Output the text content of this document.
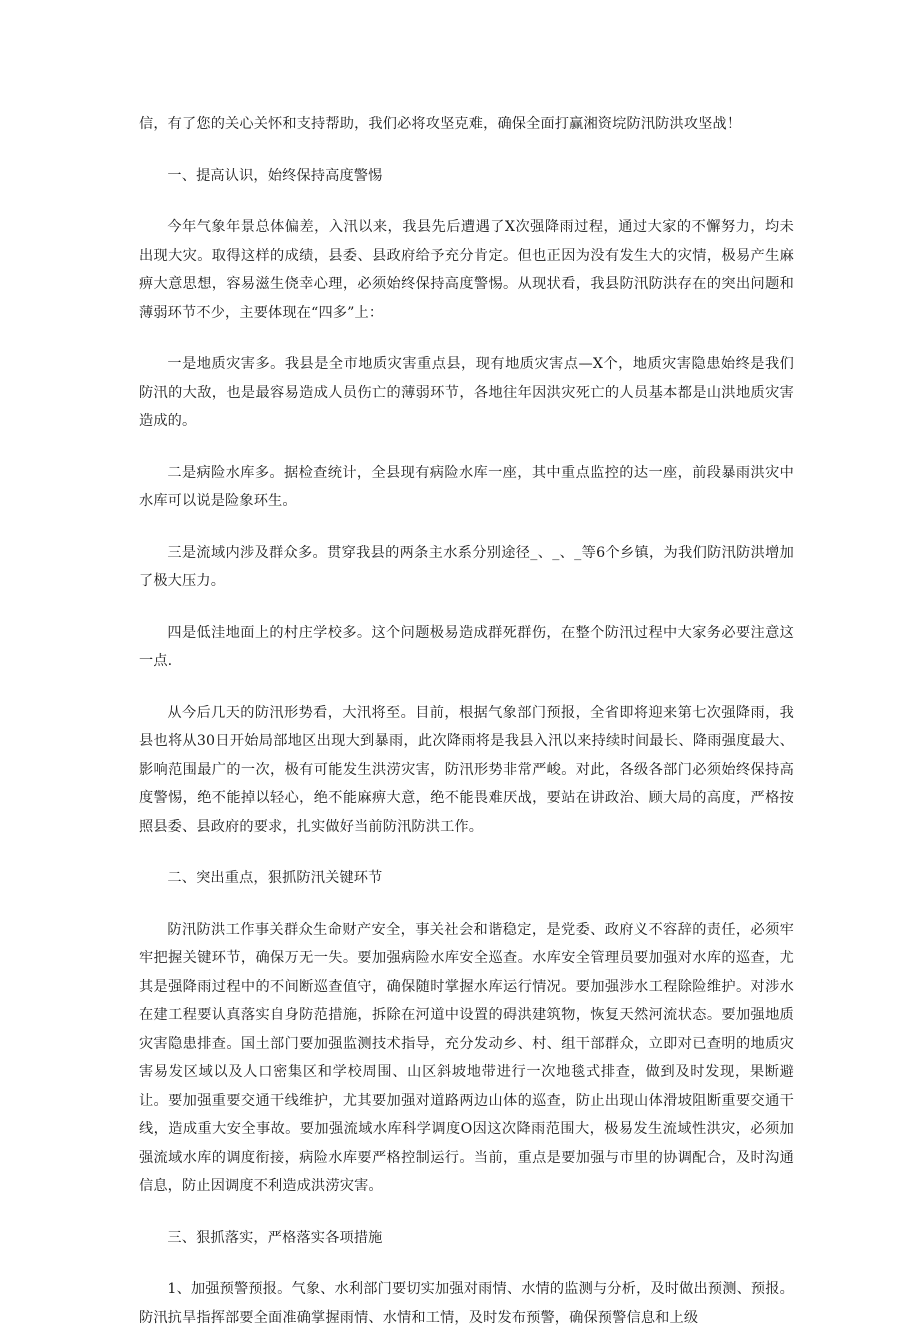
信，有了您的关心关怀和支持帮助，我们必将攻坚克难，确保全面打赢湘资垸防汛防洪攻坚战！

一、提高认识，始终保持高度警惕

今年气象年景总体偏差，入汛以来，我县先后遭遇了X次强降雨过程，通过大家的不懈努力，均未出现大灾。取得这样的成绩，县委、县政府给予充分肯定。但也正因为没有发生大的灾情，极易产生麻痹大意思想，容易滋生侥幸心理，必须始终保持高度警惕。从现状看，我县防汛防洪存在的突出问题和薄弱环节不少，主要体现在“四多”上：

一是地质灾害多。我县是全市地质灾害重点县，现有地质灾害点—X个，地质灾害隐患始终是我们防汛的大敌，也是最容易造成人员伤亡的薄弱环节，各地往年因洪灾死亡的人员基本都是山洪地质灾害造成的。

二是病险水库多。据检查统计，全县现有病险水库一座，其中重点监控的达一座，前段暴雨洪灾中水库可以说是险象环生。

三是流域内涉及群众多。贯穿我县的两条主水系分别途径_、_、_等6个乡镇，为我们防汛防洪增加了极大压力。

四是低洼地面上的村庄学校多。这个问题极易造成群死群伤，在整个防汛过程中大家务必要注意这一点.

从今后几天的防汛形势看，大汛将至。目前，根据气象部门预报，全省即将迎来第七次强降雨，我县也将从30日开始局部地区出现大到暴雨，此次降雨将是我县入汛以来持续时间最长、降雨强度最大、影响范围最广的一次，极有可能发生洪涝灾害，防汛形势非常严峻。对此，各级各部门必须始终保持高度警惕，绝不能掉以轻心，绝不能麻痹大意，绝不能畏难厌战，要站在讲政治、顾大局的高度，严格按照县委、县政府的要求，扎实做好当前防汛防洪工作。

二、突出重点，狠抓防汛关键环节

防汛防洪工作事关群众生命财产安全，事关社会和谐稳定，是党委、政府义不容辞的责任，必须牢牢把握关键环节，确保万无一失。要加强病险水库安全巡查。水库安全管理员要加强对水库的巡查，尤其是强降雨过程中的不间断巡查值守，确保随时掌握水库运行情况。要加强涉水工程除险维护。对涉水在建工程要认真落实自身防范措施，拆除在河道中设置的碍洪建筑物，恢复天然河流状态。要加强地质灾害隐患排查。国土部门要加强监测技术指导，充分发动乡、村、组干部群众，立即对已查明的地质灾害易发区域以及人口密集区和学校周围、山区斜坡地带进行一次地毯式排查，做到及时发现，果断避让。要加强重要交通干线维护，尤其要加强对道路两边山体的巡查，防止出现山体滑坡阻断重要交通干线，造成重大安全事故。要加强流域水库科学调度O因这次降雨范围大，极易发生流域性洪灾，必须加强流域水库的调度衔接，病险水库要严格控制运行。当前，重点是要加强与市里的协调配合，及时沟通信息，防止因调度不利造成洪涝灾害。

三、狠抓落实，严格落实各项措施

1、加强预警预报。气象、水利部门要切实加强对雨情、水情的监测与分析，及时做出预测、预报。防汛抗旱指挥部要全面准确掌握雨情、水情和工情，及时发布预警，确保预警信息和上级
